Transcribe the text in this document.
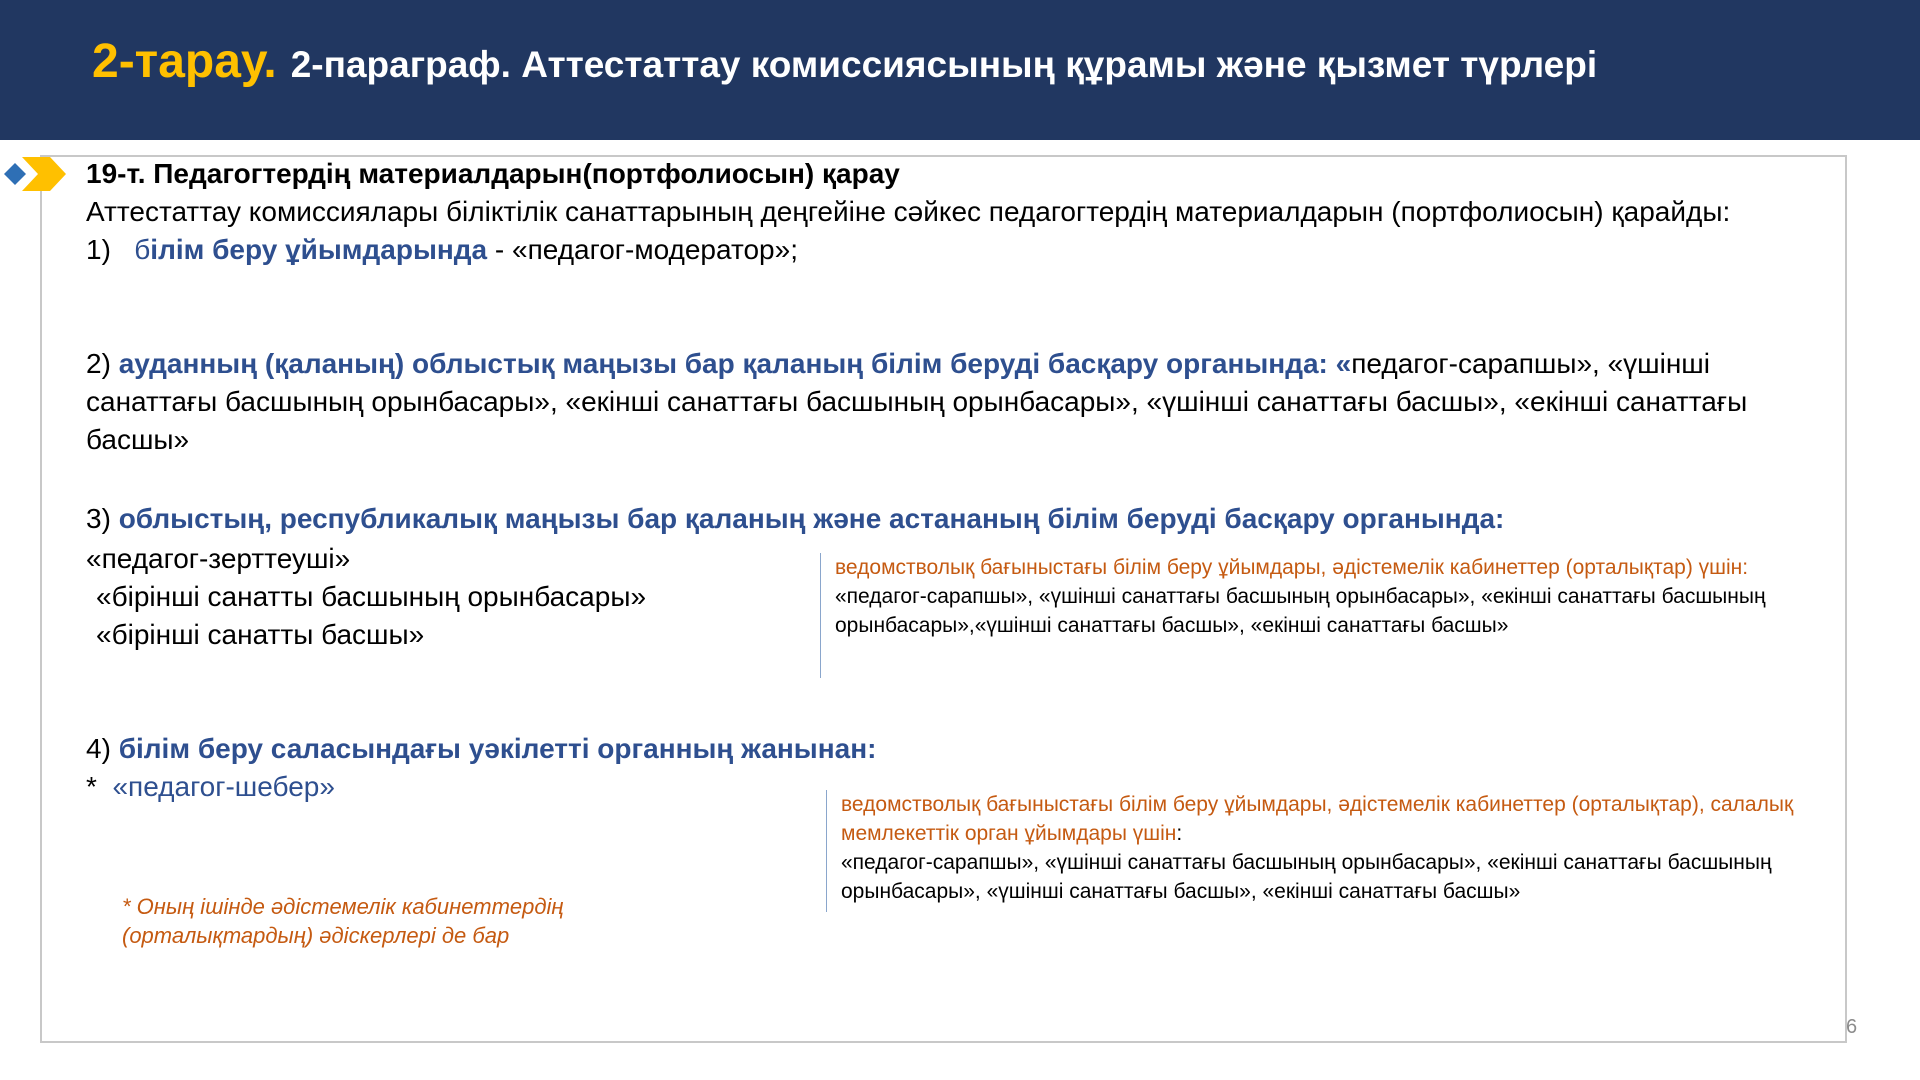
2-тарау. 2-параграф. Аттестаттау комиссиясының құрамы және қызмет түрлері
19-т. Педагогтердің материалдарын(портфолиосын) қарау
Аттестаттау комиссиялары біліктілік санаттарының деңгейіне сәйкес педагогтердің материалдарын (портфолиосын) қарайды:
1) білім беру ұйымдарында - «педагог-модератор»;
2) ауданның (қаланың) облыстық маңызы бар қаланың білім беруді басқару органында: «педагог-сарапшы», «үшінші санаттағы басшының орынбасары», «екінші санаттағы басшының орынбасары», «үшінші санаттағы басшы», «екінші санаттағы басшы»
3) облыстың, республикалық маңызы бар қаланың және астананың білім беруді басқару органында:
«педагог-зерттеуші»
«бірінші санатты басшының орынбасары»
«бірінші санатты басшы»
ведомстволық бағыныстағы білім беру ұйымдары, әдістемелік кабинеттер (орталықтар) үшін:
«педагог-сарапшы», «үшінші санаттағы басшының орынбасары», «екінші санаттағы басшының орынбасары»,«үшінші санаттағы басшы», «екінші санаттағы басшы»
4) білім беру саласындағы уәкілетті органның жанынан:
* «педагог-шебер»
ведомстволық бағыныстағы білім беру ұйымдары, әдістемелік кабинеттер (орталықтар), салалық мемлекеттік орган ұйымдары үшін:
«педагог-сарапшы», «үшінші санаттағы басшының орынбасары», «екінші санаттағы басшының орынбасары», «үшінші санаттағы басшы», «екінші санаттағы басшы»
* Оның ішінде әдістемелік кабинеттердің (орталықтардың) әдіскерлері де бар
6
